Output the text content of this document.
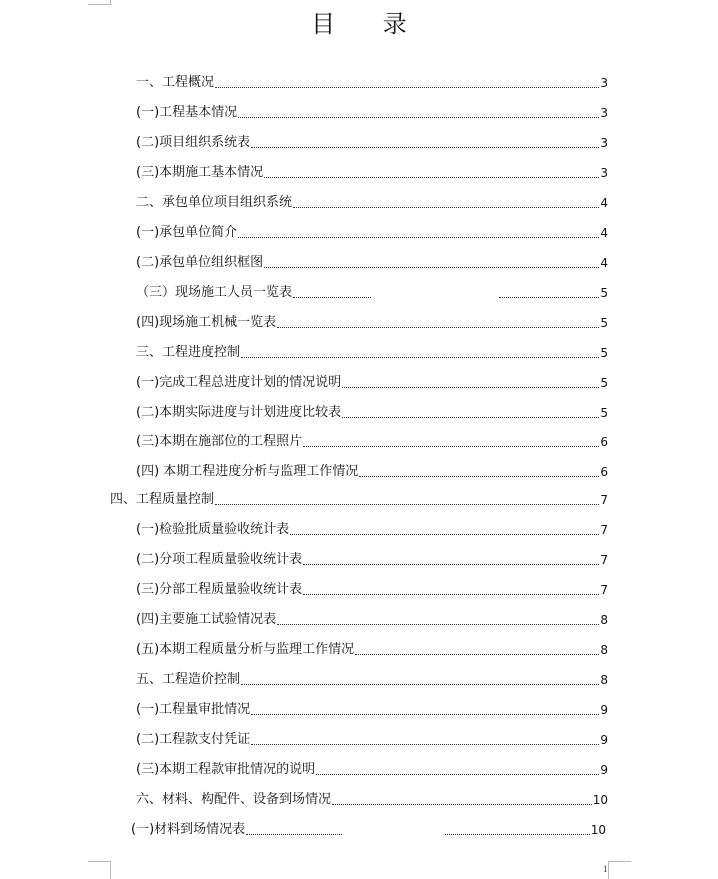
目 录
一、工程概况	3
(一)工程基本情况	3
(二)项目组织系统表	3
(三)本期施工基本情况	3
二、承包单位项目组织系统	4
(一)承包单位简介	4
(二)承包单位组织框图	4
（三）现场施工人员一览表	5
(四)现场施工机械一览表	5
三、工程进度控制	5
(一)完成工程总进度计划的情况说明	5
(二)本期实际进度与计划进度比较表	5
(三)本期在施部位的工程照片	6
(四) 本期工程进度分析与监理工作情况	6
四、工程质量控制	7
(一)检验批质量验收统计表	7
(二)分项工程质量验收统计表	7
(三)分部工程质量验收统计表	7
(四)主要施工试验情况表	8
(五)本期工程质量分析与监理工作情况	8
五、工程造价控制	8
(一)工程量审批情况	9
(二)工程款支付凭证	9
(三)本期工程款审批情况的说明	9
六、材料、构配件、设备到场情况	10
(一)材料到场情况表	10
1
